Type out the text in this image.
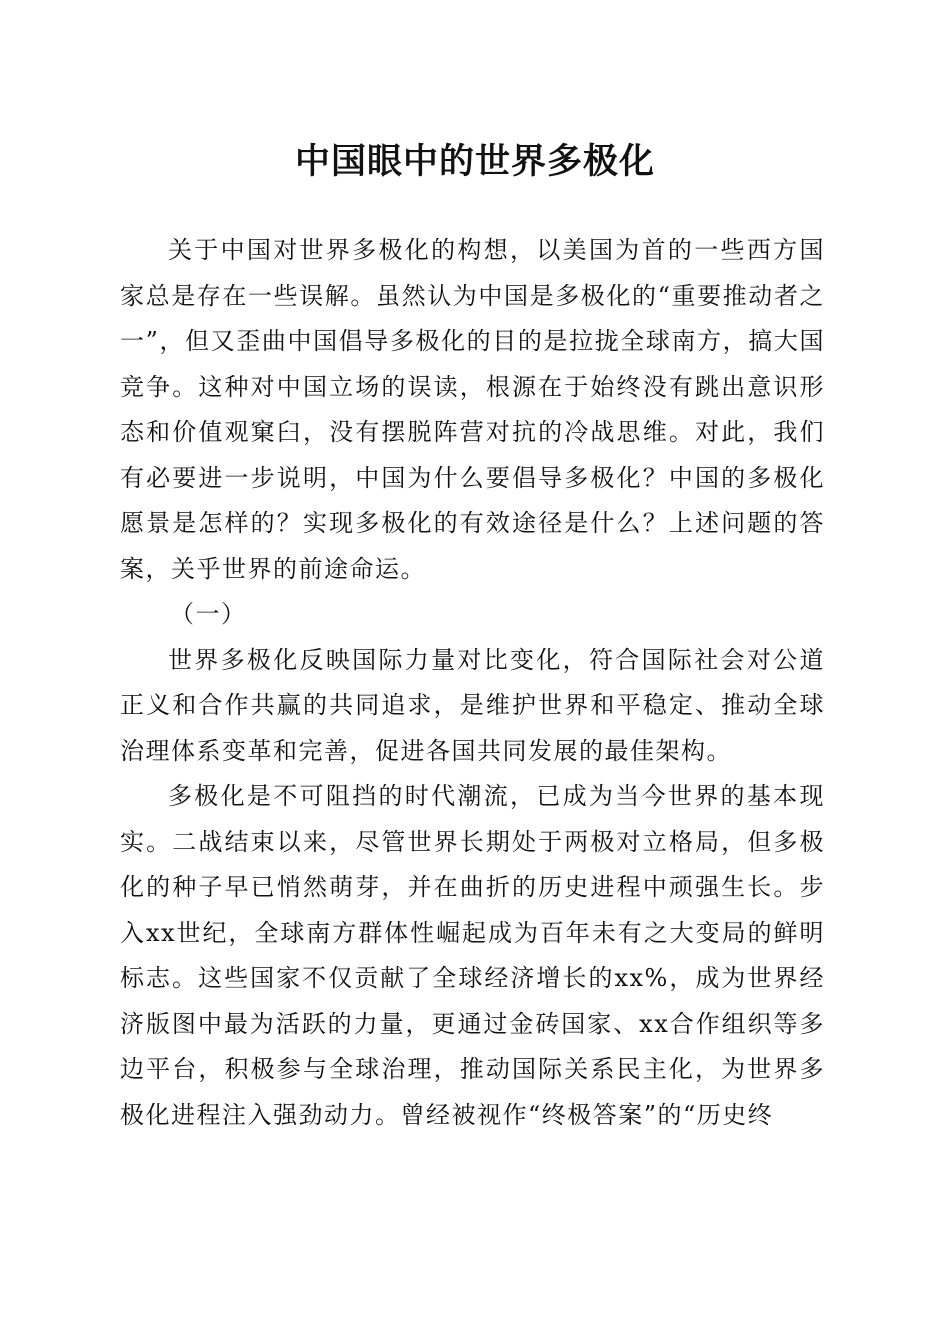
中国眼中的世界多极化

关于中国对世界多极化的构想，以美国为首的一些西方国家总是存在一些误解。虽然认为中国是多极化的“重要推动者之一”，但又歪曲中国倡导多极化的目的是拉拢全球南方，搞大国竞争。这种对中国立场的误读，根源在于始终没有跳出意识形态和价值观窠臼，没有摆脱阵营对抗的冷战思维。对此，我们有必要进一步说明，中国为什么要倡导多极化？中国的多极化愿景是怎样的？实现多极化的有效途径是什么？上述问题的答案，关乎世界的前途命运。

（一）

世界多极化反映国际力量对比变化，符合国际社会对公道正义和合作共赢的共同追求，是维护世界和平稳定、推动全球治理体系变革和完善，促进各国共同发展的最佳架构。

多极化是不可阻挡的时代潮流，已成为当今世界的基本现实。二战结束以来，尽管世界长期处于两极对立格局，但多极化的种子早已悄然萌芽，并在曲折的历史进程中顽强生长。步入xx世纪，全球南方群体性崛起成为百年未有之大变局的鲜明标志。这些国家不仅贡献了全球经济增长的xx%，成为世界经济版图中最为活跃的力量，更通过金砖国家、xx合作组织等多边平台，积极参与全球治理，推动国际关系民主化，为世界多极化进程注入强劲动力。曾经被视作“终极答案”的“历史终
